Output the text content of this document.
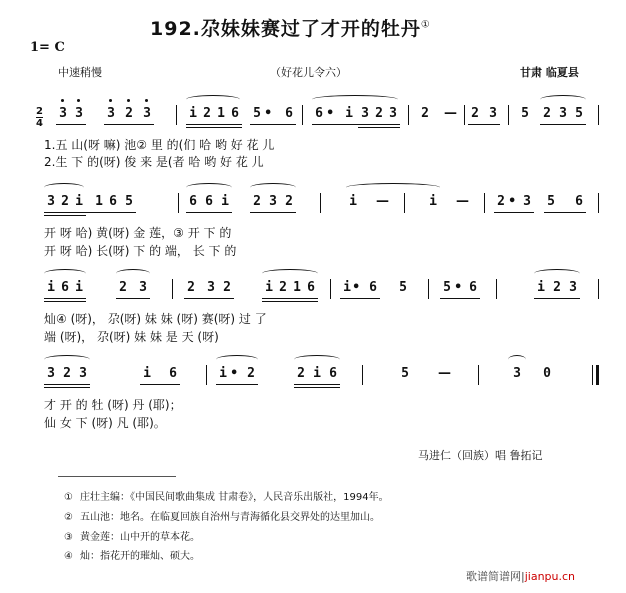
192.尕妹妹赛过了才开的牡丹①
1= C
中速稍慢	（好花儿令六）	甘肃 临夏县
2
4
3 3 3 2 3	i 2 1 6 5 • 6 6 • i 3 2 3 2 — 2 3 5 2 3 5
1.五 山(呀 嘛) 池② 里 的(们 哈 哟 好 花 儿
2.生 下 的(呀) 俊 来 是(者 哈 哟 好 花 儿
3 2 i 1 6 5	6 6 i 2 3 2	i —	i — 2 • 3 5 6
开 呀 哈) 黄(呀) 金 莲，③ 开 下 的
开 呀 哈) 长(呀) 下 的 端， 长 下 的
i 6 i	2 3	2 3 2	i 2 1 6 i • 6 5	5 • 6	i 2 3
灿④ (呀)， 尕(呀) 妹 妹 (呀) 赛(呀) 过 了
端 (呀)， 尕(呀) 妹 妹 是 天 (呀)
3 2 3	i 6	i • 2	2 i 6	5 —	3 0
才 开 的 牡 (呀) 丹 (耶)；
仙 女 下 (呀) 凡 (耶)。
马进仁（回族）唱 鲁拓记
① 庄壮主编：《中国民间歌曲集成 甘肃卷》，人民音乐出版社，1994年。
② 五山池：地名。在临夏回族自治州与青海循化县交界处的达里加山。
③ 黄金莲：山中开的草本花。
④ 灿：指花开的璀灿、硕大。
歌谱简谱网|jianpu.cn
